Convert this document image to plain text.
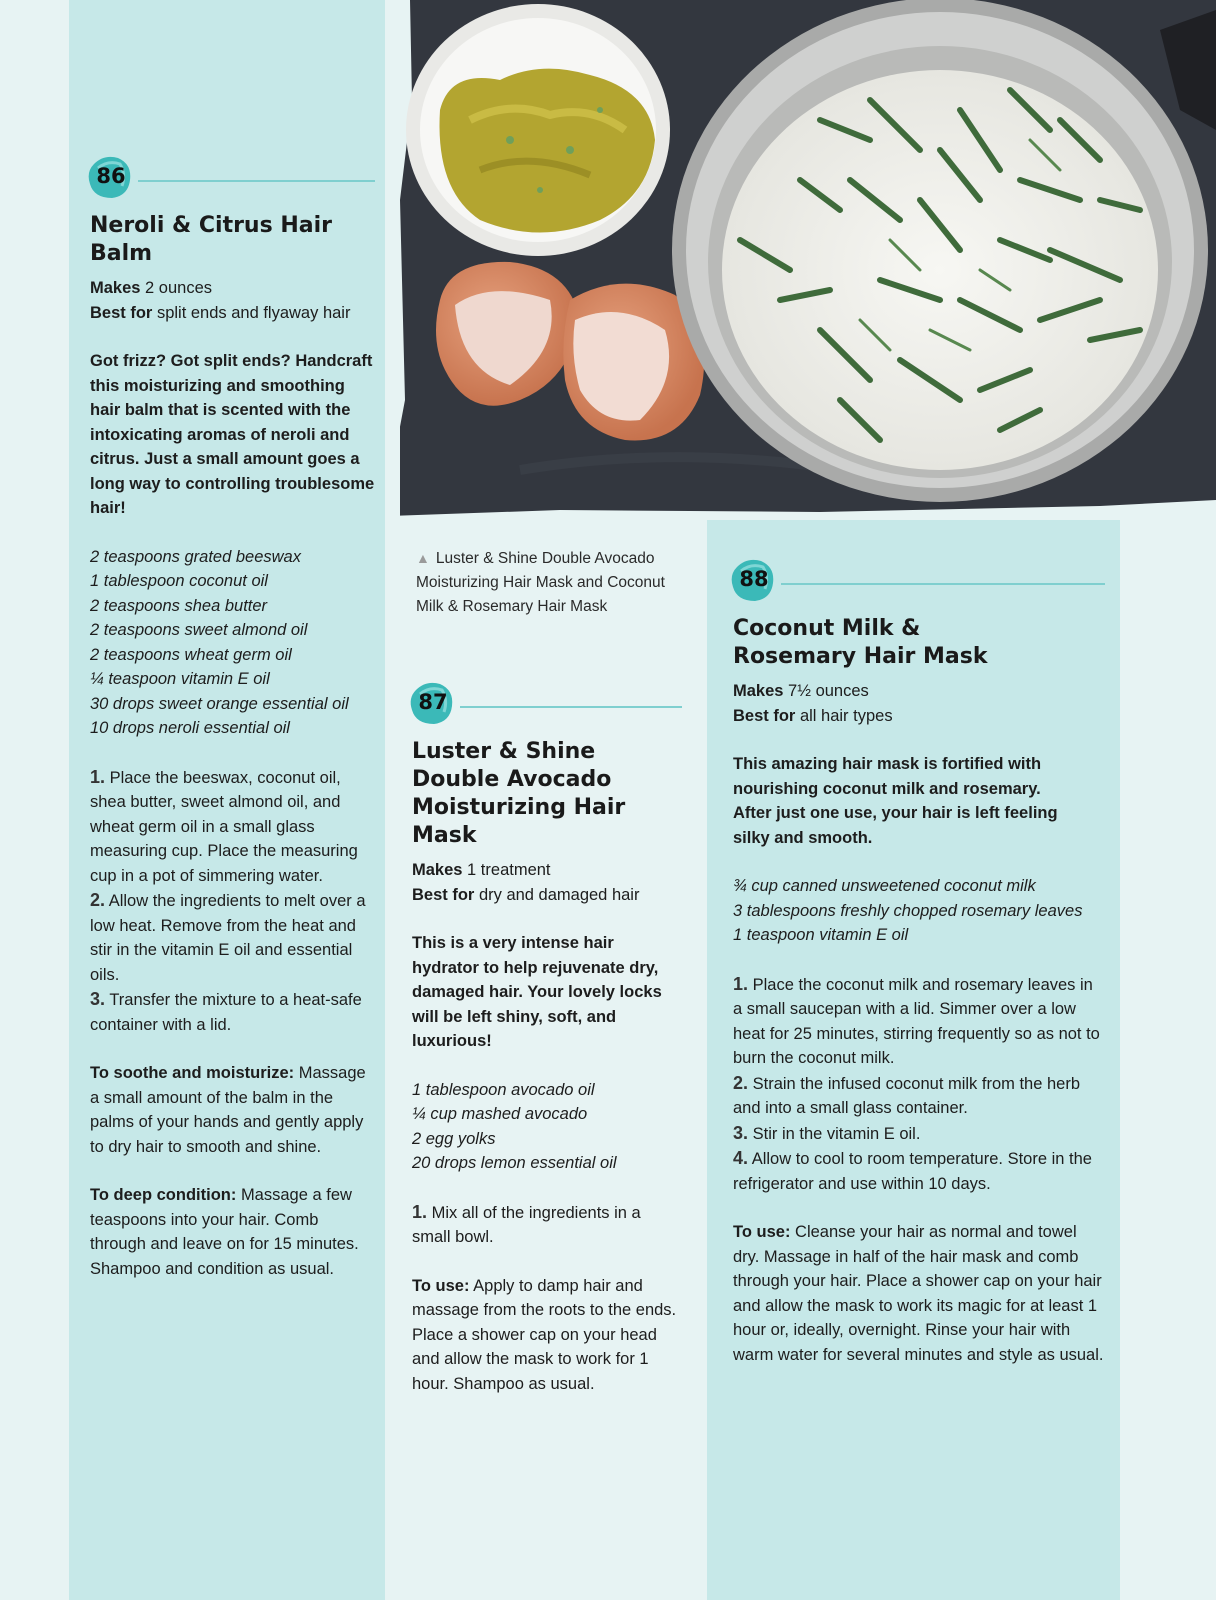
▲ Luster & Shine Double Avocado Moisturizing Hair Mask and Coconut Milk & Rosemary Hair Mask
86
Neroli & Citrus Hair Balm

Makes 2 ounces

Best for split ends and flyaway hair

Got frizz? Got split ends? Handcraft this moisturizing and smoothing hair balm that is scented with the intoxicating aromas of neroli and citrus. Just a small amount goes a long way to controlling troublesome hair!
2 teaspoons grated beeswax
1 tablespoon coconut oil
2 teaspoons shea butter
2 teaspoons sweet almond oil
2 teaspoons wheat germ oil
¼ teaspoon vitamin E oil
30 drops sweet orange essential oil
10 drops neroli essential oil

1. Place the beeswax, coconut oil, shea butter, sweet almond oil, and wheat germ oil in a small glass measuring cup. Place the measuring cup in a pot of simmering water.

2. Allow the ingredients to melt over a low heat. Remove from the heat and stir in the vitamin E oil and essential oils.

3. Transfer the mixture to a heat-safe container with a lid.

To soothe and moisturize: Massage a small amount of the balm in the palms of your hands and gently apply to dry hair to smooth and shine.
To deep condition: Massage a few teaspoons into your hair. Comb through and leave on for 15 minutes. Shampoo and condition as usual.
87
Luster & Shine Double Avocado Moisturizing Hair Mask

Makes 1 treatment

Best for dry and damaged hair

This is a very intense hair hydrator to help rejuvenate dry, damaged hair. Your lovely locks will be left shiny, soft, and luxurious!
1 tablespoon avocado oil
¼ cup mashed avocado
2 egg yolks
20 drops lemon essential oil

1. Mix all of the ingredients in a small bowl.

To use: Apply to damp hair and massage from the roots to the ends. Place a shower cap on your head and allow the mask to work for 1 hour. Shampoo as usual.
88
Coconut Milk & Rosemary Hair Mask

Makes 7½ ounces

Best for all hair types

This amazing hair mask is fortified with nourishing coconut milk and rosemary. After just one use, your hair is left feeling silky and smooth.
¾ cup canned unsweetened coconut milk
3 tablespoons freshly chopped rosemary leaves
1 teaspoon vitamin E oil

1. Place the coconut milk and rosemary leaves in a small saucepan with a lid. Simmer over a low heat for 25 minutes, stirring frequently so as not to burn the coconut milk.

2. Strain the infused coconut milk from the herb and into a small glass container.

3. Stir in the vitamin E oil.

4. Allow to cool to room temperature. Store in the refrigerator and use within 10 days.

To use: Cleanse your hair as normal and towel dry. Massage in half of the hair mask and comb through your hair. Place a shower cap on your hair and allow the mask to work its magic for at least 1 hour or, ideally, overnight. Rinse your hair with warm water for several minutes and style as usual.
